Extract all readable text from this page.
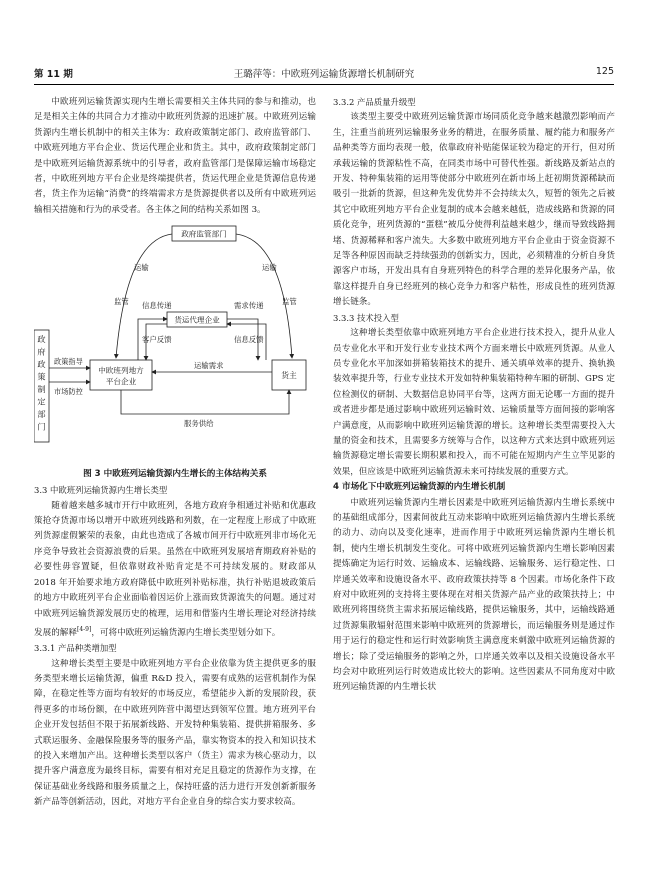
第 11 期	王璐萍等：中欧班列运输货源增长机制研究	125

中欧班列运输货源实现内生增长需要相关主体共同的参与和推动，也足是相关主体的共同合力才推动中欧班列货源的迅速扩展。中欧班列运输货源内生增长机制中的相关主体为：政府政策制定部门、政府监管部门、中欧班列地方平台企业、货运代理企业和货主。其中，政府政策制定部门是中欧班列运输货源系统中的引导者，政府监管部门是保障运输市场稳定者，中欧班列地方平台企业是终端提供者，货运代理企业是货源信息传递者，货主作为运输“消费”的终端需求方是货源提供者以及所有中欧班列运输相关措施和行为的承受者。各主体之间的结构关系如图 3。

政府政策制定部门
政府监管部门
货运代理企业
中欧班列地方平台企业
货主
运输
监管
运输
监管
信息传递
客户反馈
需求传递
信息反馈
政策指导
市场防控
运输需求
服务供给
图 3 中欧班列运输货源内生增长的主体结构关系
3.3 中欧班列运输货源内生增长类型

随着越来越多城市开行中欧班列，各地方政府争相通过补贴和优惠政策抢夺货源市场以增开中欧班列线路和列数，在一定程度上形成了中欧班列货源虚假繁荣的表象，由此也造成了各城市间开行中欧班列非市场化无序竞争导致社会资源浪费的后果。虽然在中欧班列发展培育期政府补贴的必要性毋容置疑，但依靠财政补贴肯定是不可持续发展的。财政部从 2018 年开始要求地方政府降低中欧班列补贴标准，执行补贴退坡政策后的地方中欧班列平台企业面临着因运价上涨而致货源流失的问题。通过对中欧班列运输货源发展历史的梳理，运用和借鉴内生增长理论对经济持续发展的解释[4-9]，可将中欧班列运输货源内生增长类型划分如下。

3.3.1 产品种类增加型

这种增长类型主要是中欧班列地方平台企业依靠为货主提供更多的服务类型来增长运输货源，偏重 R&D 投入，需要有成熟的运营机制作为保障，在稳定性等方面均有较好的市场反应，希望能步入新的发展阶段，获得更多的市场份额，在中欧班列阵营中渴望达到领军位置。地方班列平台企业开发包括但不限于拓展新线路、开发特种集装箱、提供拼箱服务、多式联运服务、金融保险服务等的服务产品，靠实物资本的投入和知识技术的投入来增加产出。这种增长类型以客户（货主）需求为核心驱动力，以提升客户满意度为最终目标，需要有相对充足且稳定的货源作为支撑，在保证基础业务线路和服务质量之上，保持旺盛的活力进行开发创新新服务新产品等创新活动，因此，对地方平台企业自身的综合实力要求较高。

3.3.2 产品质量升级型

该类型主要受中欧班列运输货源市场同质化竞争越来越激烈影响而产生，注重当前班列运输服务业务的精进，在服务质量、履约能力和服务产品种类等方面均表现一般，依靠政府补贴能保证较为稳定的开行，但对所承载运输的货源粘性不高，在同类市场中可替代性强。新线路及新站点的开发、特种集装箱的运用等使部分中欧班列在新市场上赶初期货源稀缺而吸引一批新的货源，但这种先发优势并不会持续太久，短暂的领先之后被其它中欧班列地方平台企业复制的成本会越来越低，造成线路和货源的同质化竞争，班列货源的“蛋糕”被瓜分使得利益越来越少，继而导致线路拥堵、货源稀释和客户流失。大多数中欧班列地方平台企业由于资金资源不足等各种原因而缺乏持续强劲的创新实力，因此，必须精准的分析自身货源客户市场，开发出具有自身班列特色的科学合理的差异化服务产品，依靠这样提升自身已经班列的核心竞争力和客户粘性，形成良性的班列货源增长链条。

3.3.3 技术投入型

这种增长类型依靠中欧班列地方平台企业进行技术投入，提升从业人员专业化水平和开发行业专业技术两个方面来增长中欧班列货源。从业人员专业化水平加深如拼箱装箱技术的提升、通关填单效率的提升、换轨换装效率提升等，行业专业技术开发如特种集装箱特种车厢的研制、GPS 定位检测仪的研制、大数据信息协同平台等，这两方面无论哪一方面的提升或者进步都是通过影响中欧班列运输时效、运输质量等方面间接的影响客户满意度，从而影响中欧班列运输货源的增长。这种增长类型需要投入大量的资金和技术，且需要多方统筹与合作，以这种方式来达到中欧班列运输货源稳定增长需要长期积累和投入，而不可能在短期内产生立竿见影的效果，但应该是中欧班列运输货源未来可持续发展的重要方式。

4 市场化下中欧班列运输货源的内生增长机制

中欧班列运输货源内生增长因素是中欧班列运输货源内生增长系统中的基础组成部分，因素间彼此互动来影响中欧班列运输货源内生增长系统的动力、动向以及变化速率，进而作用于中欧班列运输货源内生增长机制，使内生增长机制发生变化。可将中欧班列运输货源内生增长影响因素提炼确定为运行时效、运输成本、运输线路、运输服务、运行稳定性、口岸通关效率和设施设备水平、政府政策扶持等 8 个因素。市场化条件下政府对中欧班列的支持将主要体现在对相关货源产品产业的政策扶持上；中欧班列将围绕货主需求拓展运输线路，提供运输服务，其中，运输线路通过货源集散辐射范围来影响中欧班列的货源增长，而运输服务则是通过作用于运行的稳定性和运行时效影响货主满意度来刺激中欧班列运输货源的增长；除了受运输服务的影响之外，口岸通关效率以及相关设施设备水平均会对中欧班列运行时效造成比较大的影响。这些因素从不同角度对中欧班列运输货源的内生增长状
